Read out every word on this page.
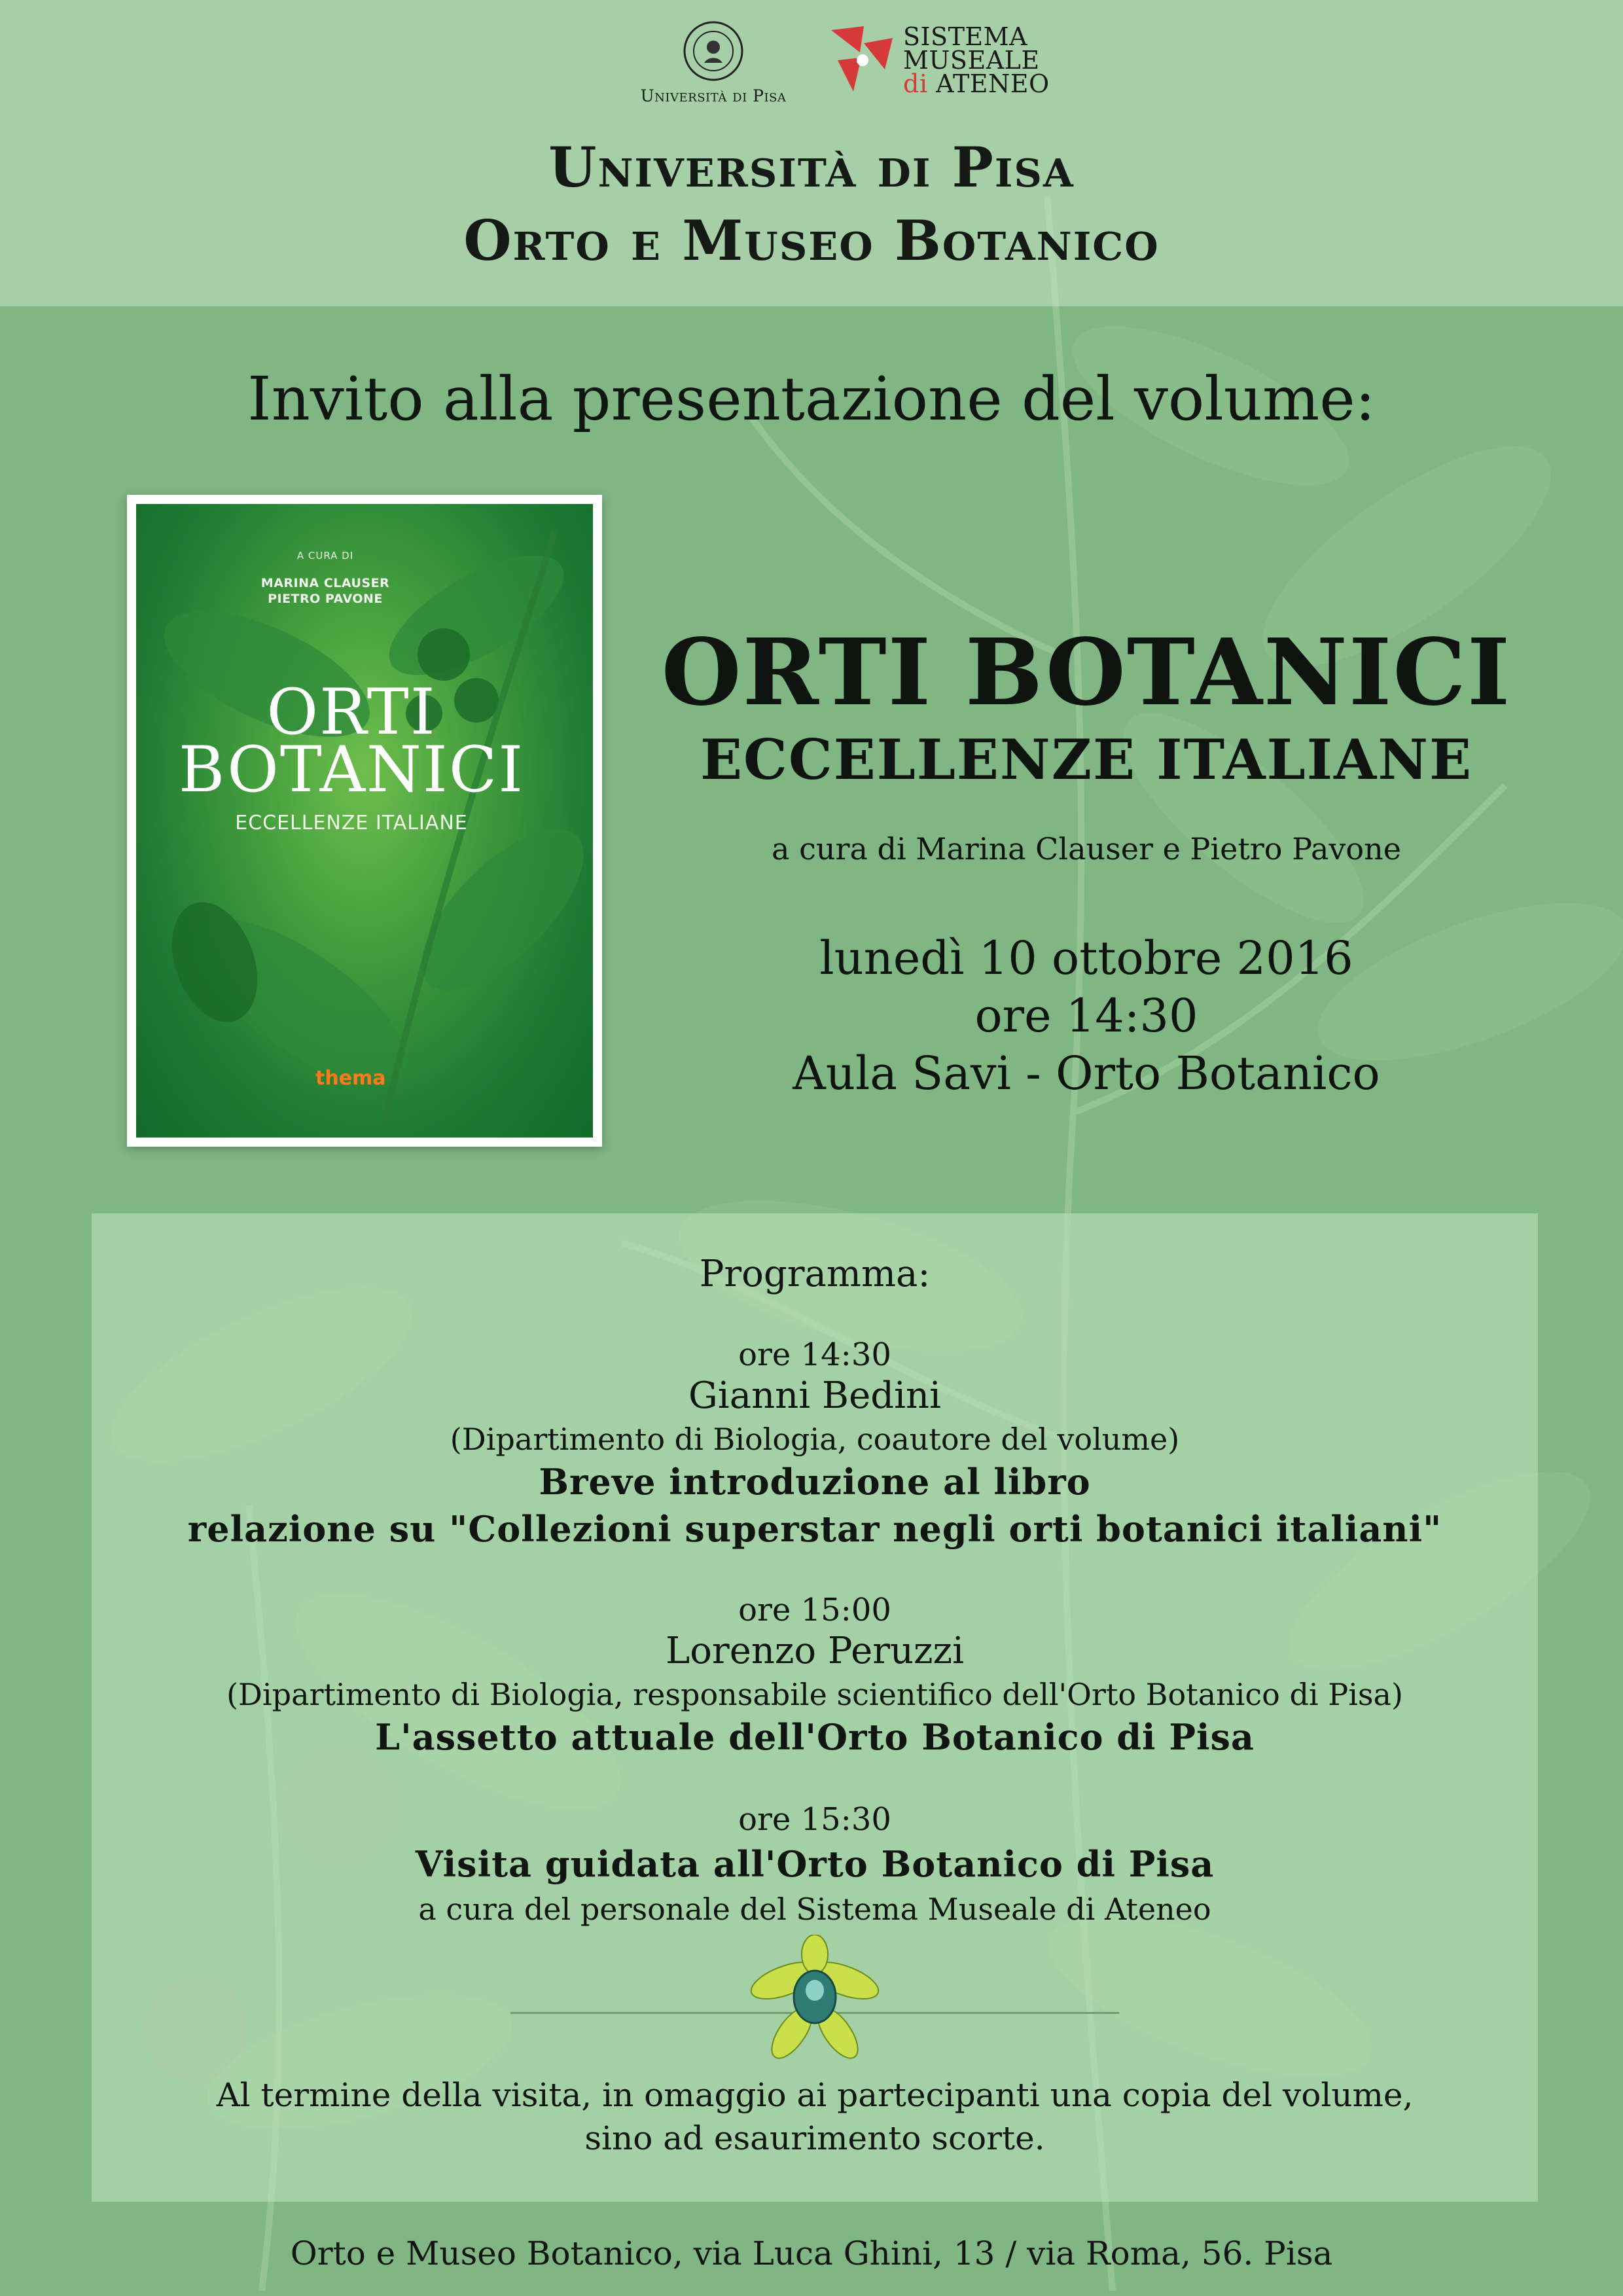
Università di Pisa
SISTEMA
MUSEALE
di ATENEO
Università di Pisa
Orto e Museo Botanico
Invito alla presentazione del volume:
A CURA DI
MARINA CLAUSER
PIETRO PAVONE
ORTI
BOTANICI
ECCELLENZE ITALIANE
thema
ORTI BOTANICI
ECCELLENZE ITALIANE

a cura di Marina Clauser e Pietro Pavone

lunedì 10 ottobre 2016

ore 14:30

Aula Savi - Orto Botanico

Programma:

ore 14:30

Gianni Bedini

(Dipartimento di Biologia, coautore del volume)

Breve introduzione al libro

relazione su "Collezioni superstar negli orti botanici italiani"

ore 15:00

Lorenzo Peruzzi

(Dipartimento di Biologia, responsabile scientifico dell'Orto Botanico di Pisa)

L'assetto attuale dell'Orto Botanico di Pisa

ore 15:30

Visita guidata all'Orto Botanico di Pisa

a cura del personale del Sistema Museale di Ateneo

Al termine della visita, in omaggio ai partecipanti una copia del volume,

sino ad esaurimento scorte.

Orto e Museo Botanico, via Luca Ghini, 13 / via Roma, 56. Pisa
